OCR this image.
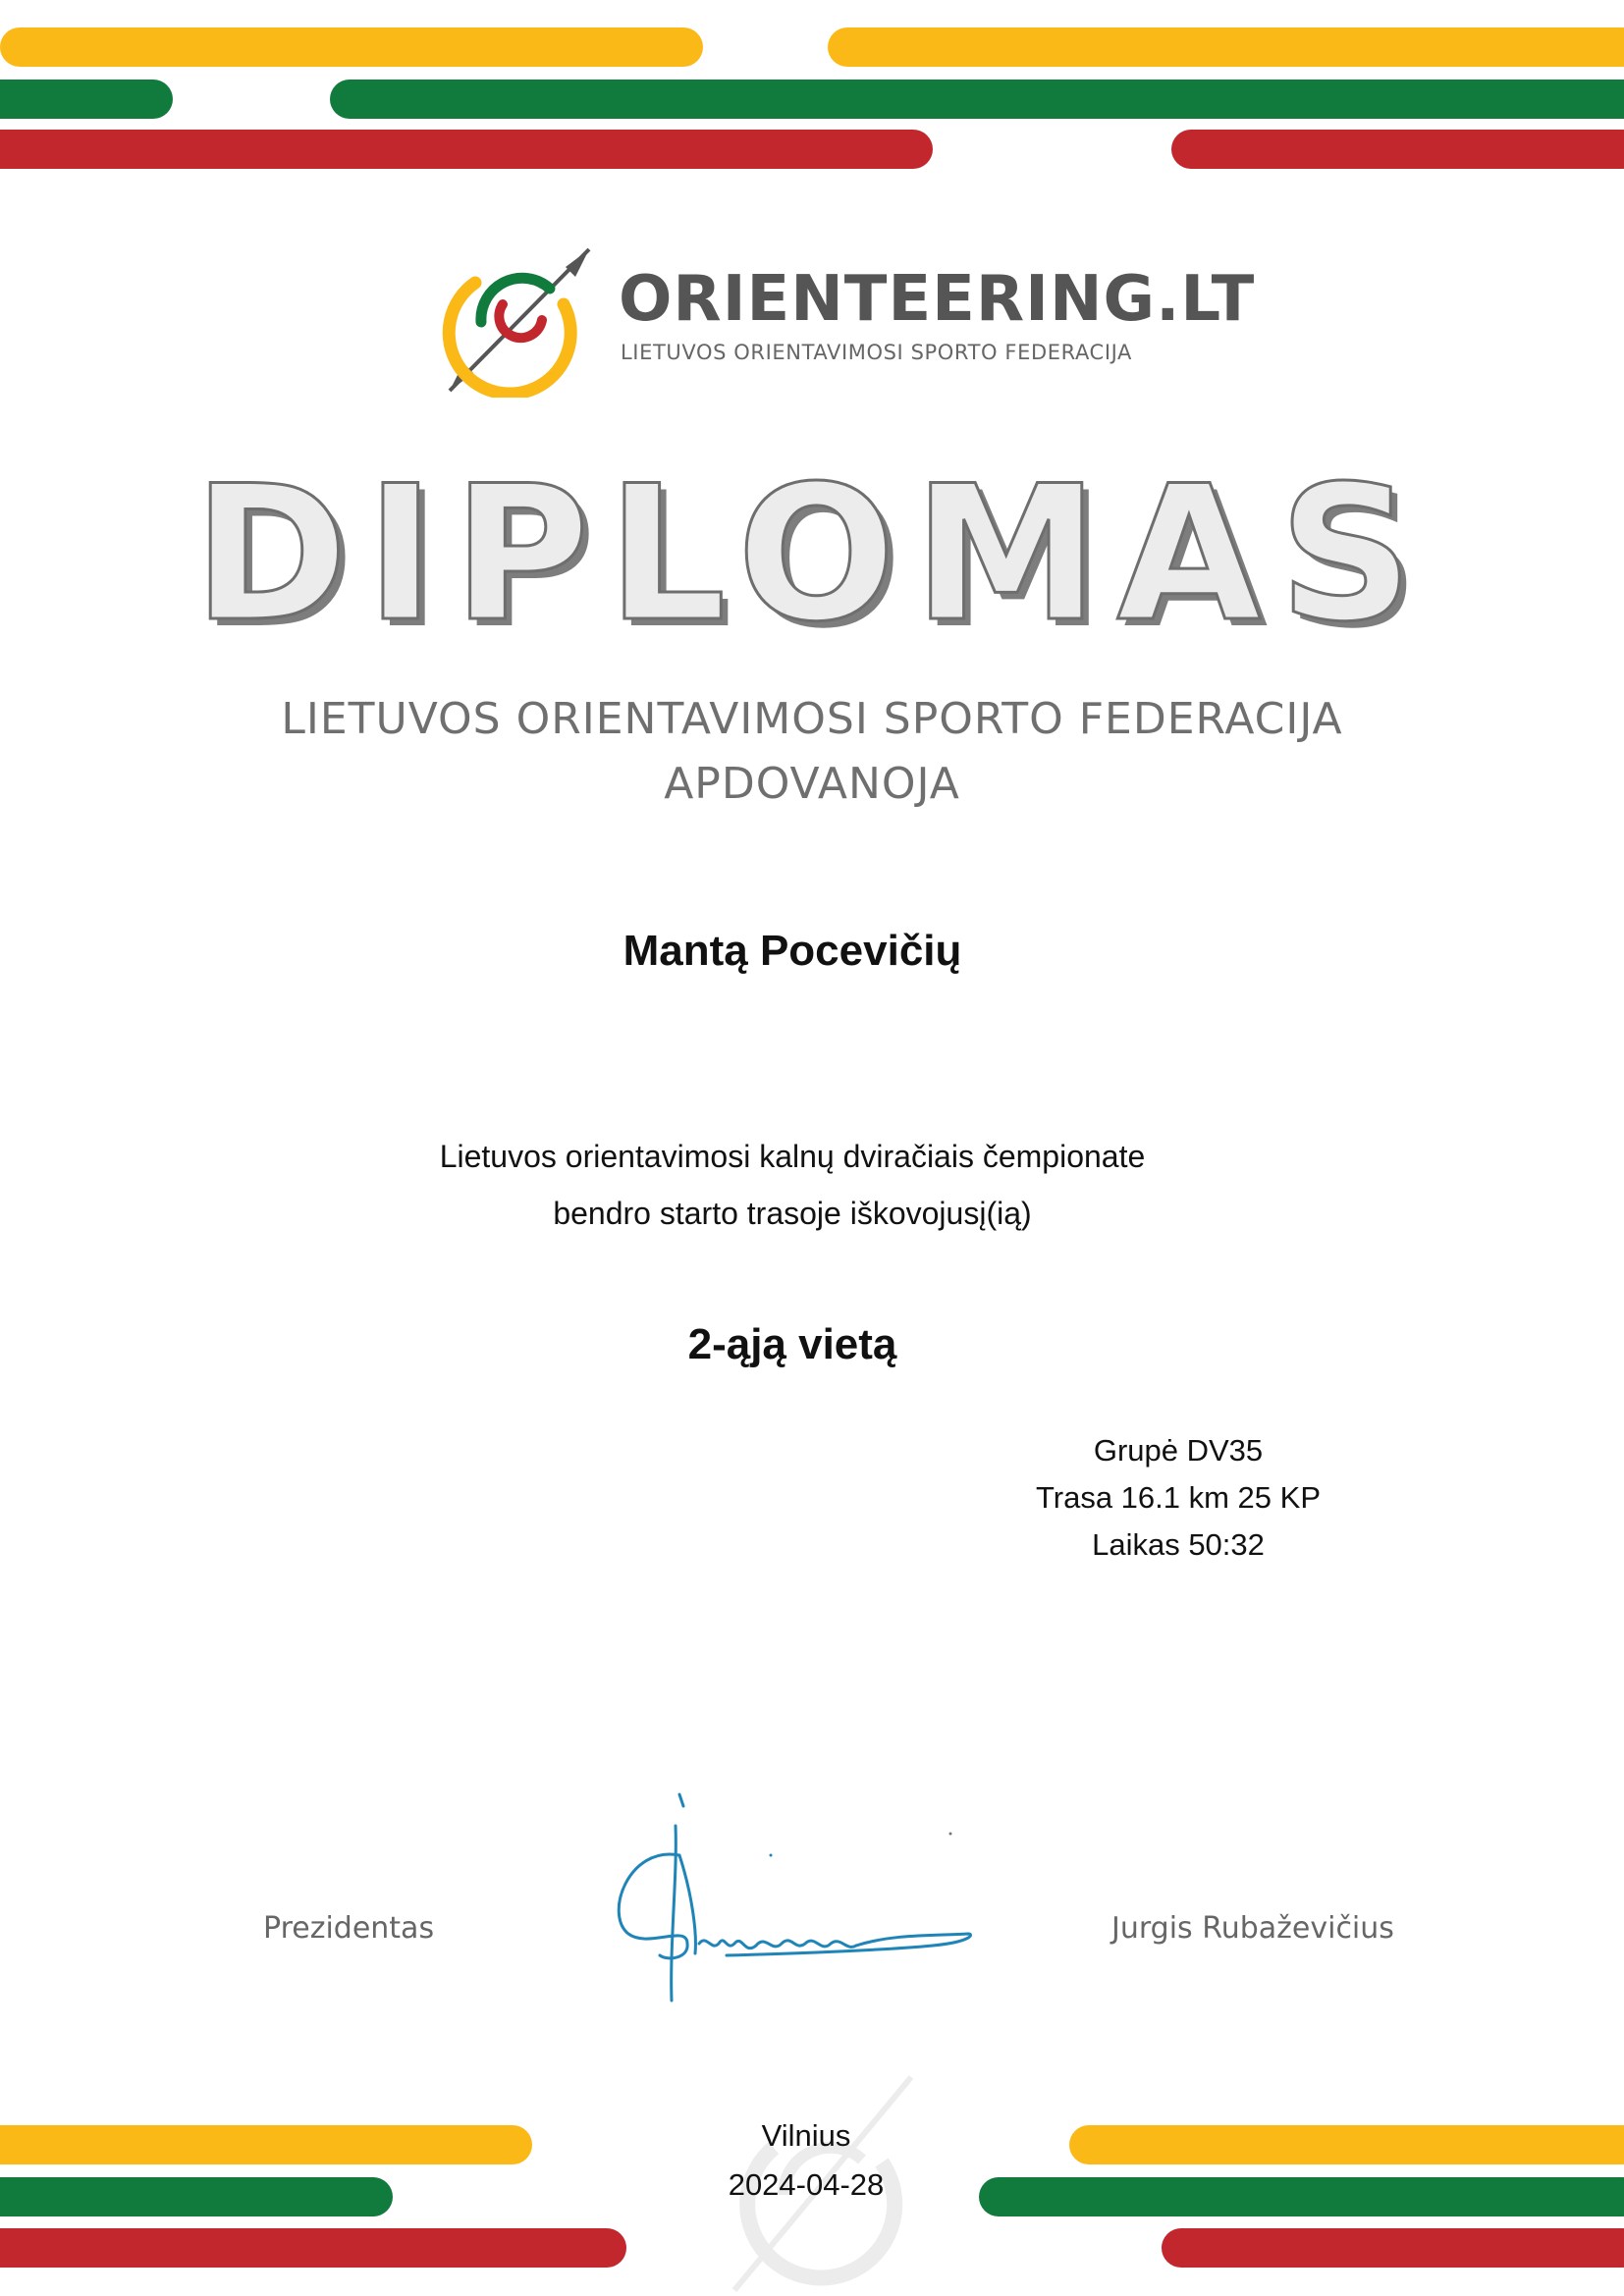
ORIENTEERING.LT
LIETUVOS ORIENTAVIMOSI SPORTO FEDERACIJA
DIPLOMAS
LIETUVOS ORIENTAVIMOSI SPORTO FEDERACIJA
APDOVANOJA
Mantą Pocevičių
Lietuvos orientavimosi kalnų dviračiais čempionate
bendro starto trasoje iškovojusį(ią)
2-ąją vietą
Grupė DV35
Trasa 16.1 km 25 KP
Laikas 50:32
Prezidentas	Jurgis Rubaževičius
Vilnius
2024-04-28
